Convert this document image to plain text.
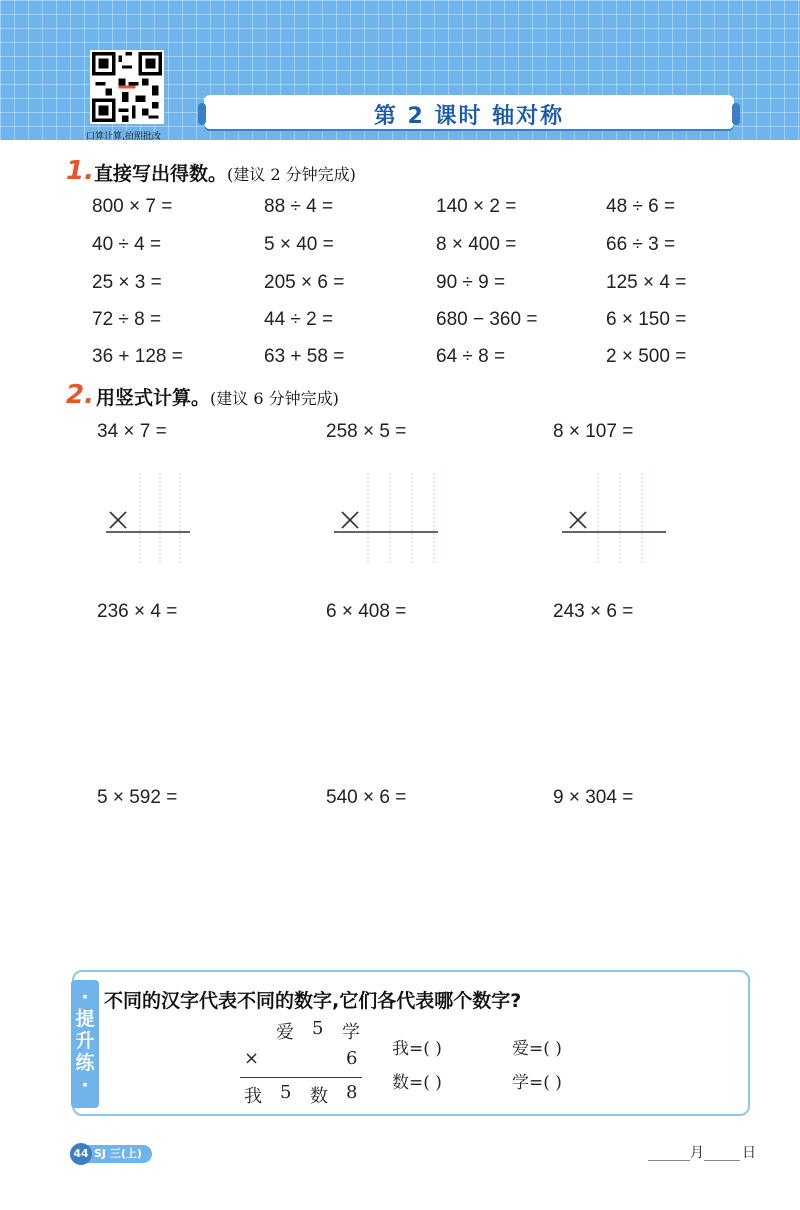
口算计算,拍照批改
第 2 课时 轴对称
1. 直接写出得数。(建议 2 分钟完成)
800 × 7 =	88 ÷ 4 =	140 × 2 =	48 ÷ 6 =
40 ÷ 4 =	5 × 40 =	8 × 400 =	66 ÷ 3 =
25 × 3 =	205 × 6 =	90 ÷ 9 =	125 × 4 =
72 ÷ 8 =	44 ÷ 2 =	680 − 360 =	6 × 150 =
36 + 128 =	63 + 58 =	64 ÷ 8 =	2 × 500 =
2. 用竖式计算。(建议 6 分钟完成)
34 × 7 =	258 × 5 =	8 × 107 =
236 × 4 =	6 × 408 =	243 × 6 =
5 × 592 =	540 × 6 =	9 × 304 =
·
提
升
练
·
不同的汉字代表不同的数字,它们各代表哪个数字?
爱 5 学
×	6
我 5 数 8
我=( )	爱=( )
数=( )	学=( )
SJ 三(上)
44	月	日
